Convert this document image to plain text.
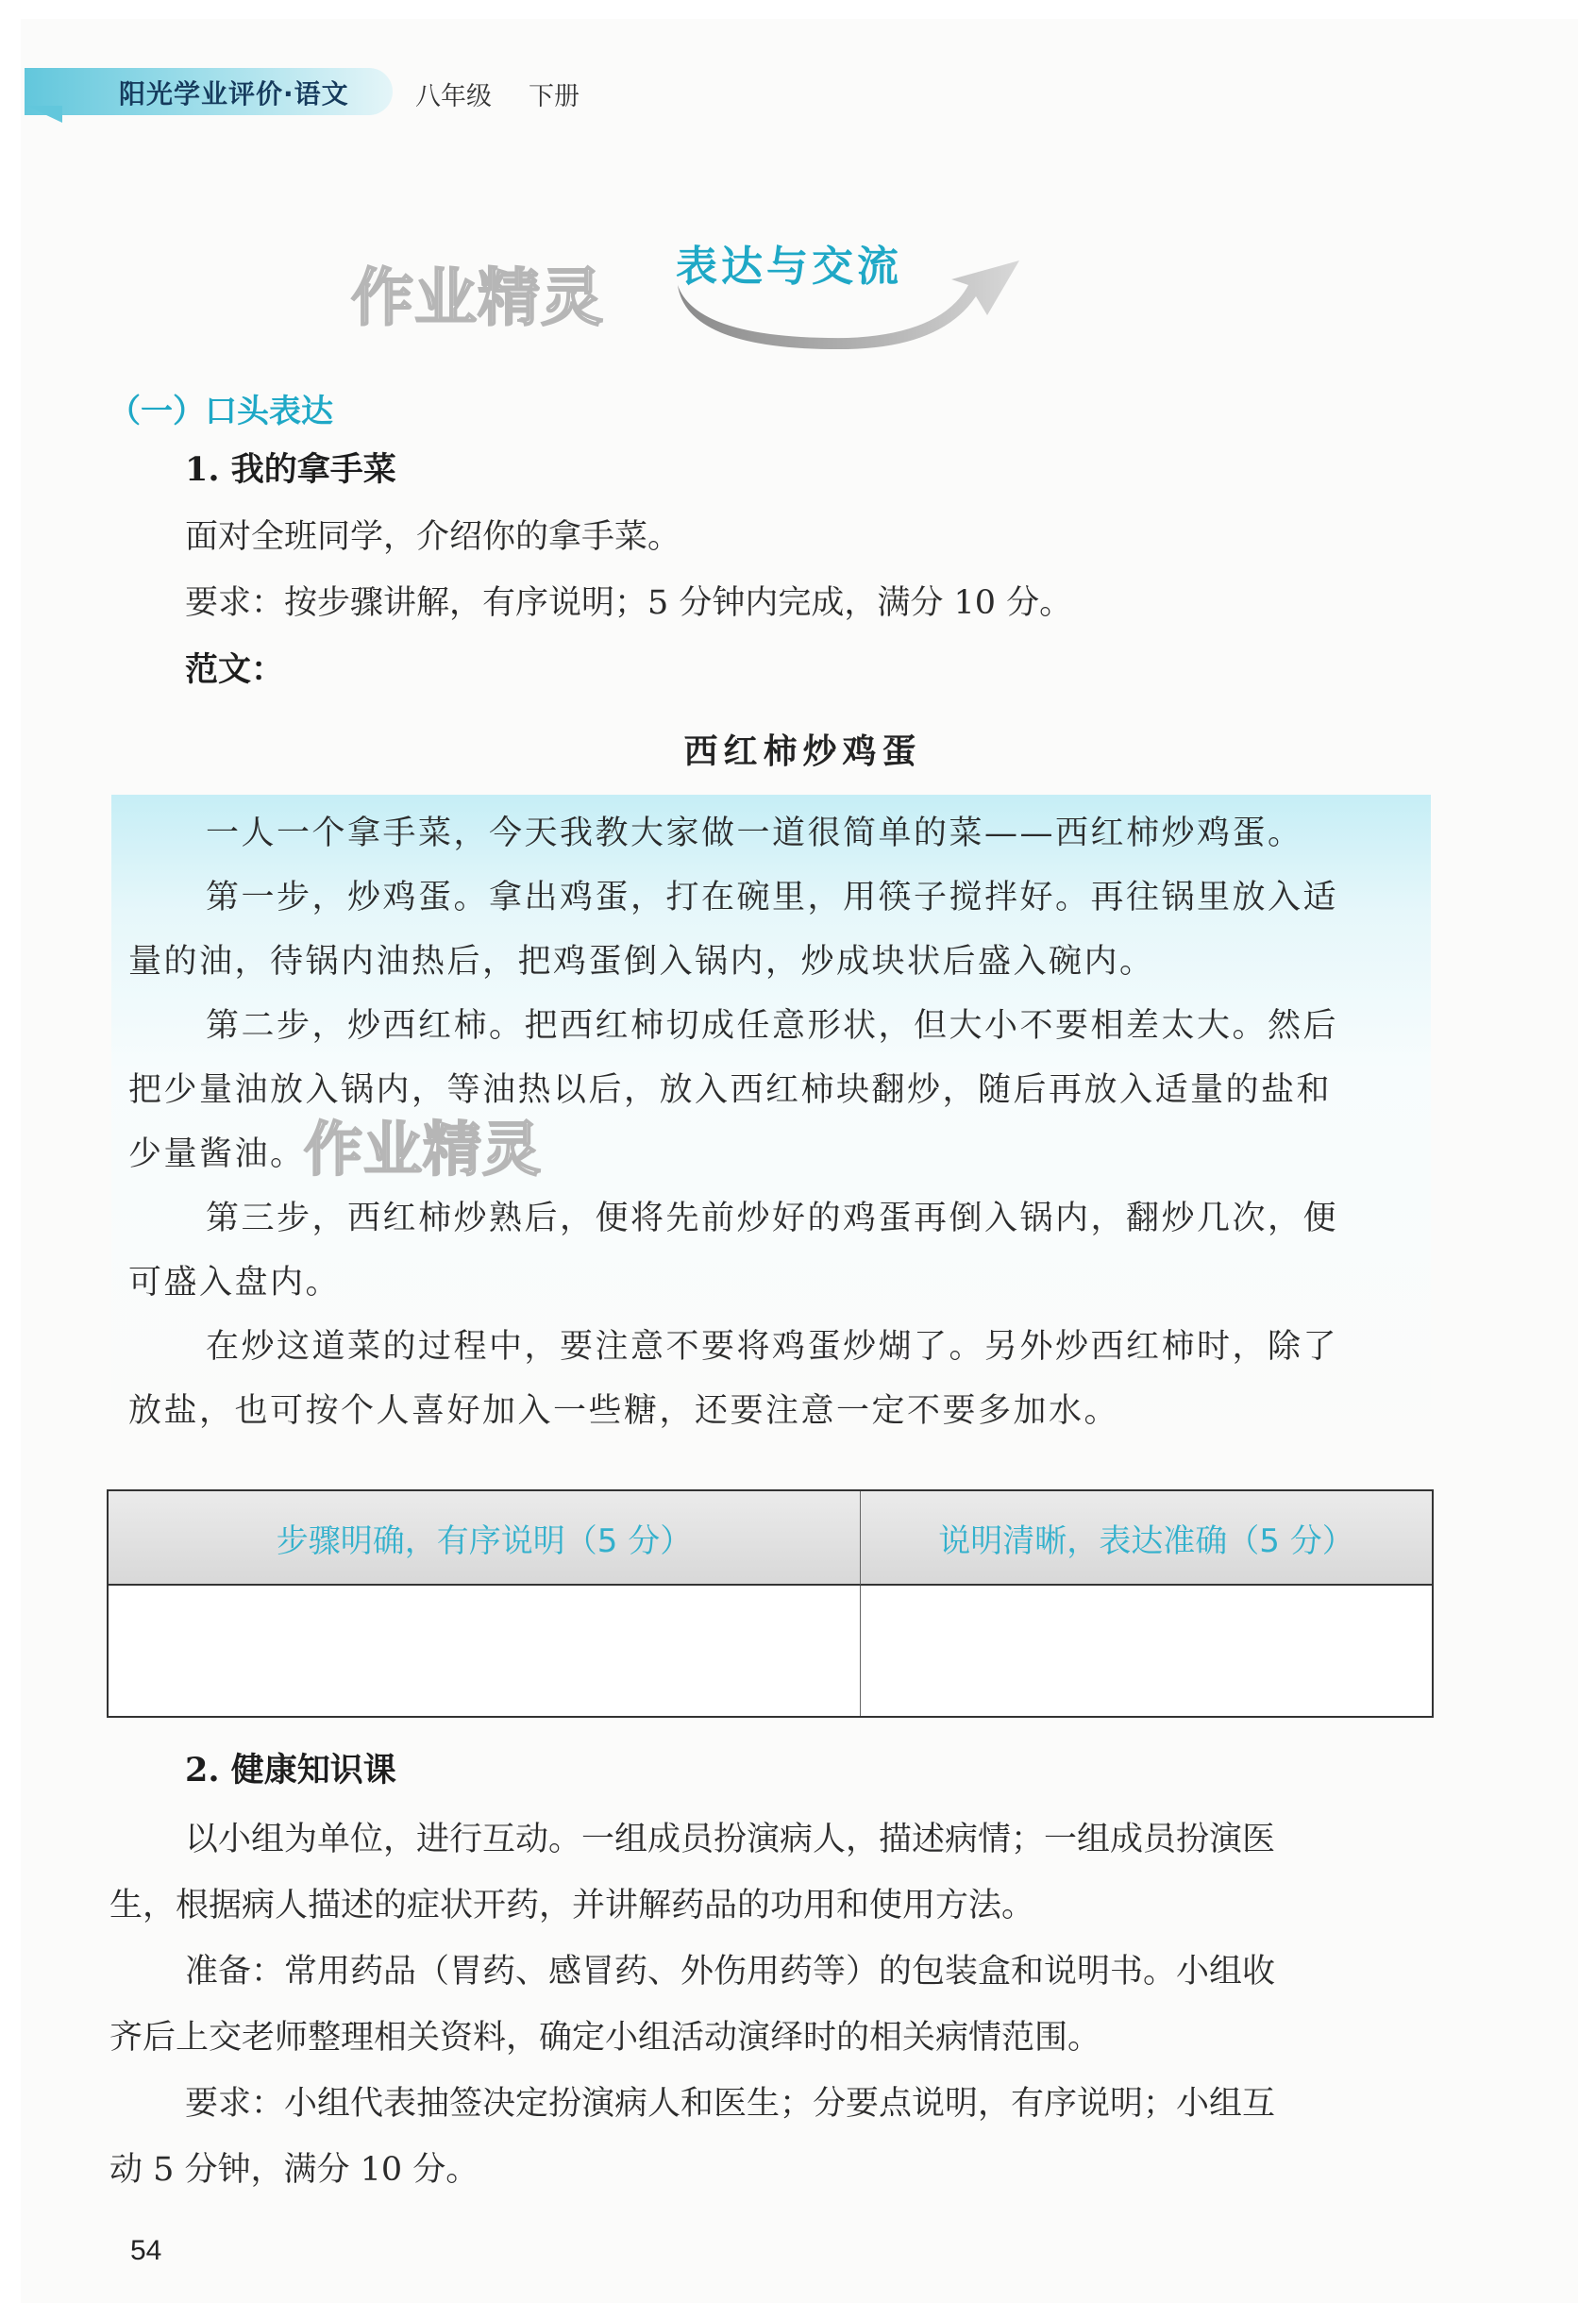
阳光学业评价·语文	八年级 下册
作业精灵 表达与交流
（一）口头表达
1. 我的拿手菜
面对全班同学，介绍你的拿手菜。
要求：按步骤讲解，有序说明；5 分钟内完成，满分 10 分。
范文：
西红柿炒鸡蛋
一人一个拿手菜，今天我教大家做一道很简单的菜——西红柿炒鸡蛋。
第一步，炒鸡蛋。拿出鸡蛋，打在碗里，用筷子搅拌好。再往锅里放入适
量的油，待锅内油热后，把鸡蛋倒入锅内，炒成块状后盛入碗内。
第二步，炒西红柿。把西红柿切成任意形状，但大小不要相差太大。然后
把少量油放入锅内，等油热以后，放入西红柿块翻炒，随后再放入适量的盐和
少量酱油。
第三步，西红柿炒熟后，便将先前炒好的鸡蛋再倒入锅内，翻炒几次，便
可盛入盘内。
在炒这道菜的过程中，要注意不要将鸡蛋炒煳了。另外炒西红柿时，除了
放盐，也可按个人喜好加入一些糖，还要注意一定不要多加水。
作业精灵
步骤明确，有序说明（5 分）	说明清晰，表达准确（5 分）
2. 健康知识课
以小组为单位，进行互动。一组成员扮演病人，描述病情；一组成员扮演医
生，根据病人描述的症状开药，并讲解药品的功用和使用方法。
准备：常用药品（胃药、感冒药、外伤用药等）的包装盒和说明书。小组收
齐后上交老师整理相关资料，确定小组活动演绎时的相关病情范围。
要求：小组代表抽签决定扮演病人和医生；分要点说明，有序说明；小组互
动 5 分钟，满分 10 分。
54
